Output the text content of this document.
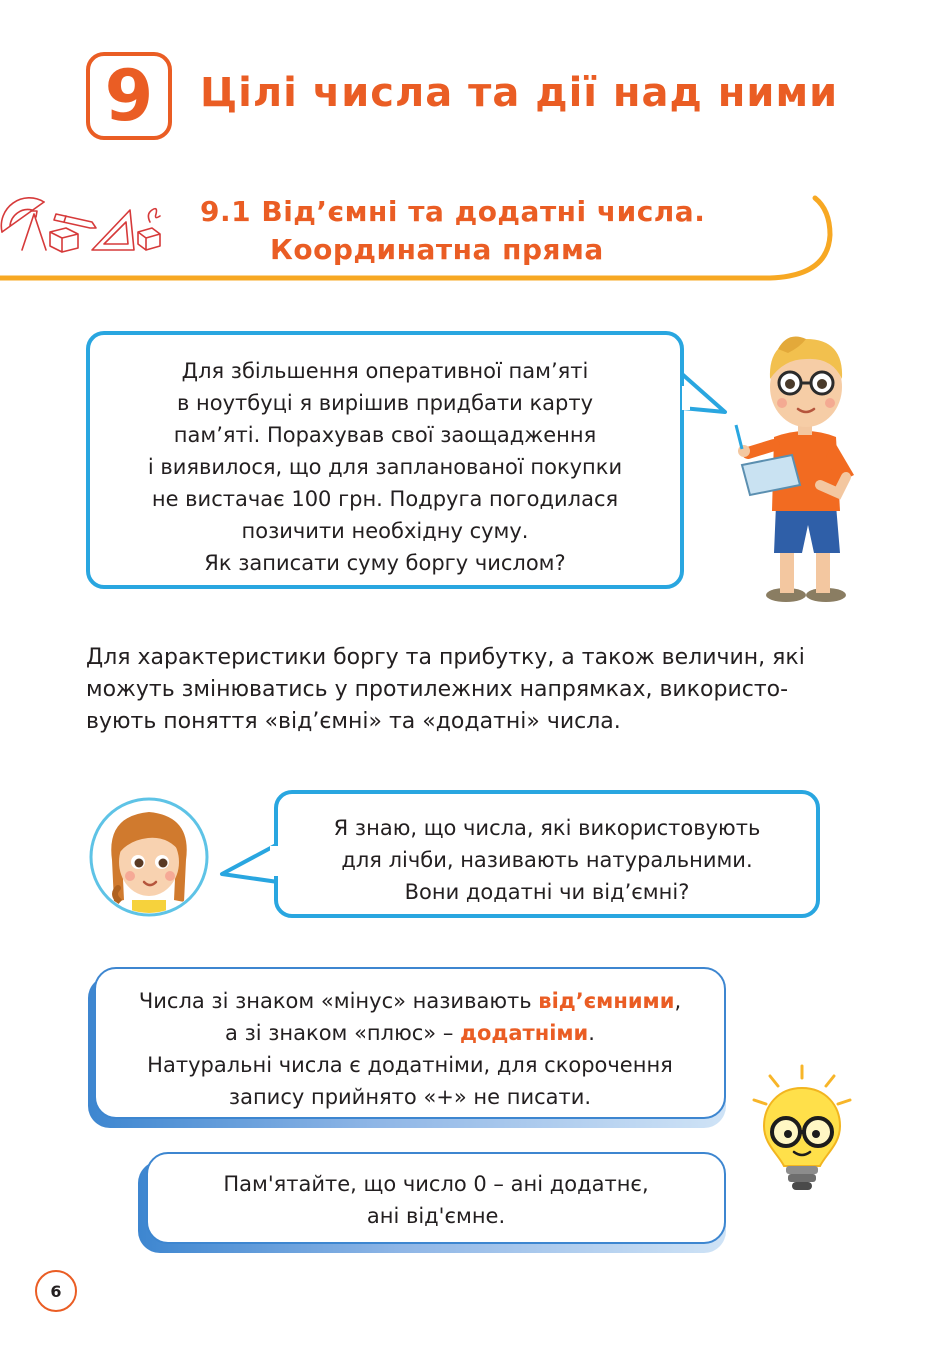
9 Цілі числа та дії над ними
9.1 Від’ємні та додатні числа.
Координатна пряма
Для збільшення оперативної пам’яті
в ноутбуці я вирішив придбати карту
пам’яті. Порахував свої заощадження
і виявилося, що для запланованої покупки
не вистачає 100 грн. Подруга погодилася
позичити необхідну суму.
Як записати суму боргу числом?
Для характеристики боргу та прибутку, а також величин, які
можуть змінюватись у протилежних напрямках, використо-
вують поняття «від’ємні» та «додатні» числа.
Я знаю, що числа, які використовують
для лічби, називають натуральними.
Вони додатні чи від’ємні?
Числа зі знаком «мінус» називають від’ємними,
а зі знаком «плюс» – додатніми.
Натуральні числа є додатніми, для скорочення
запису прийнято «+» не писати.
Пам'ятайте, що число 0 – ані додатнє,
ані від'ємне.
6
